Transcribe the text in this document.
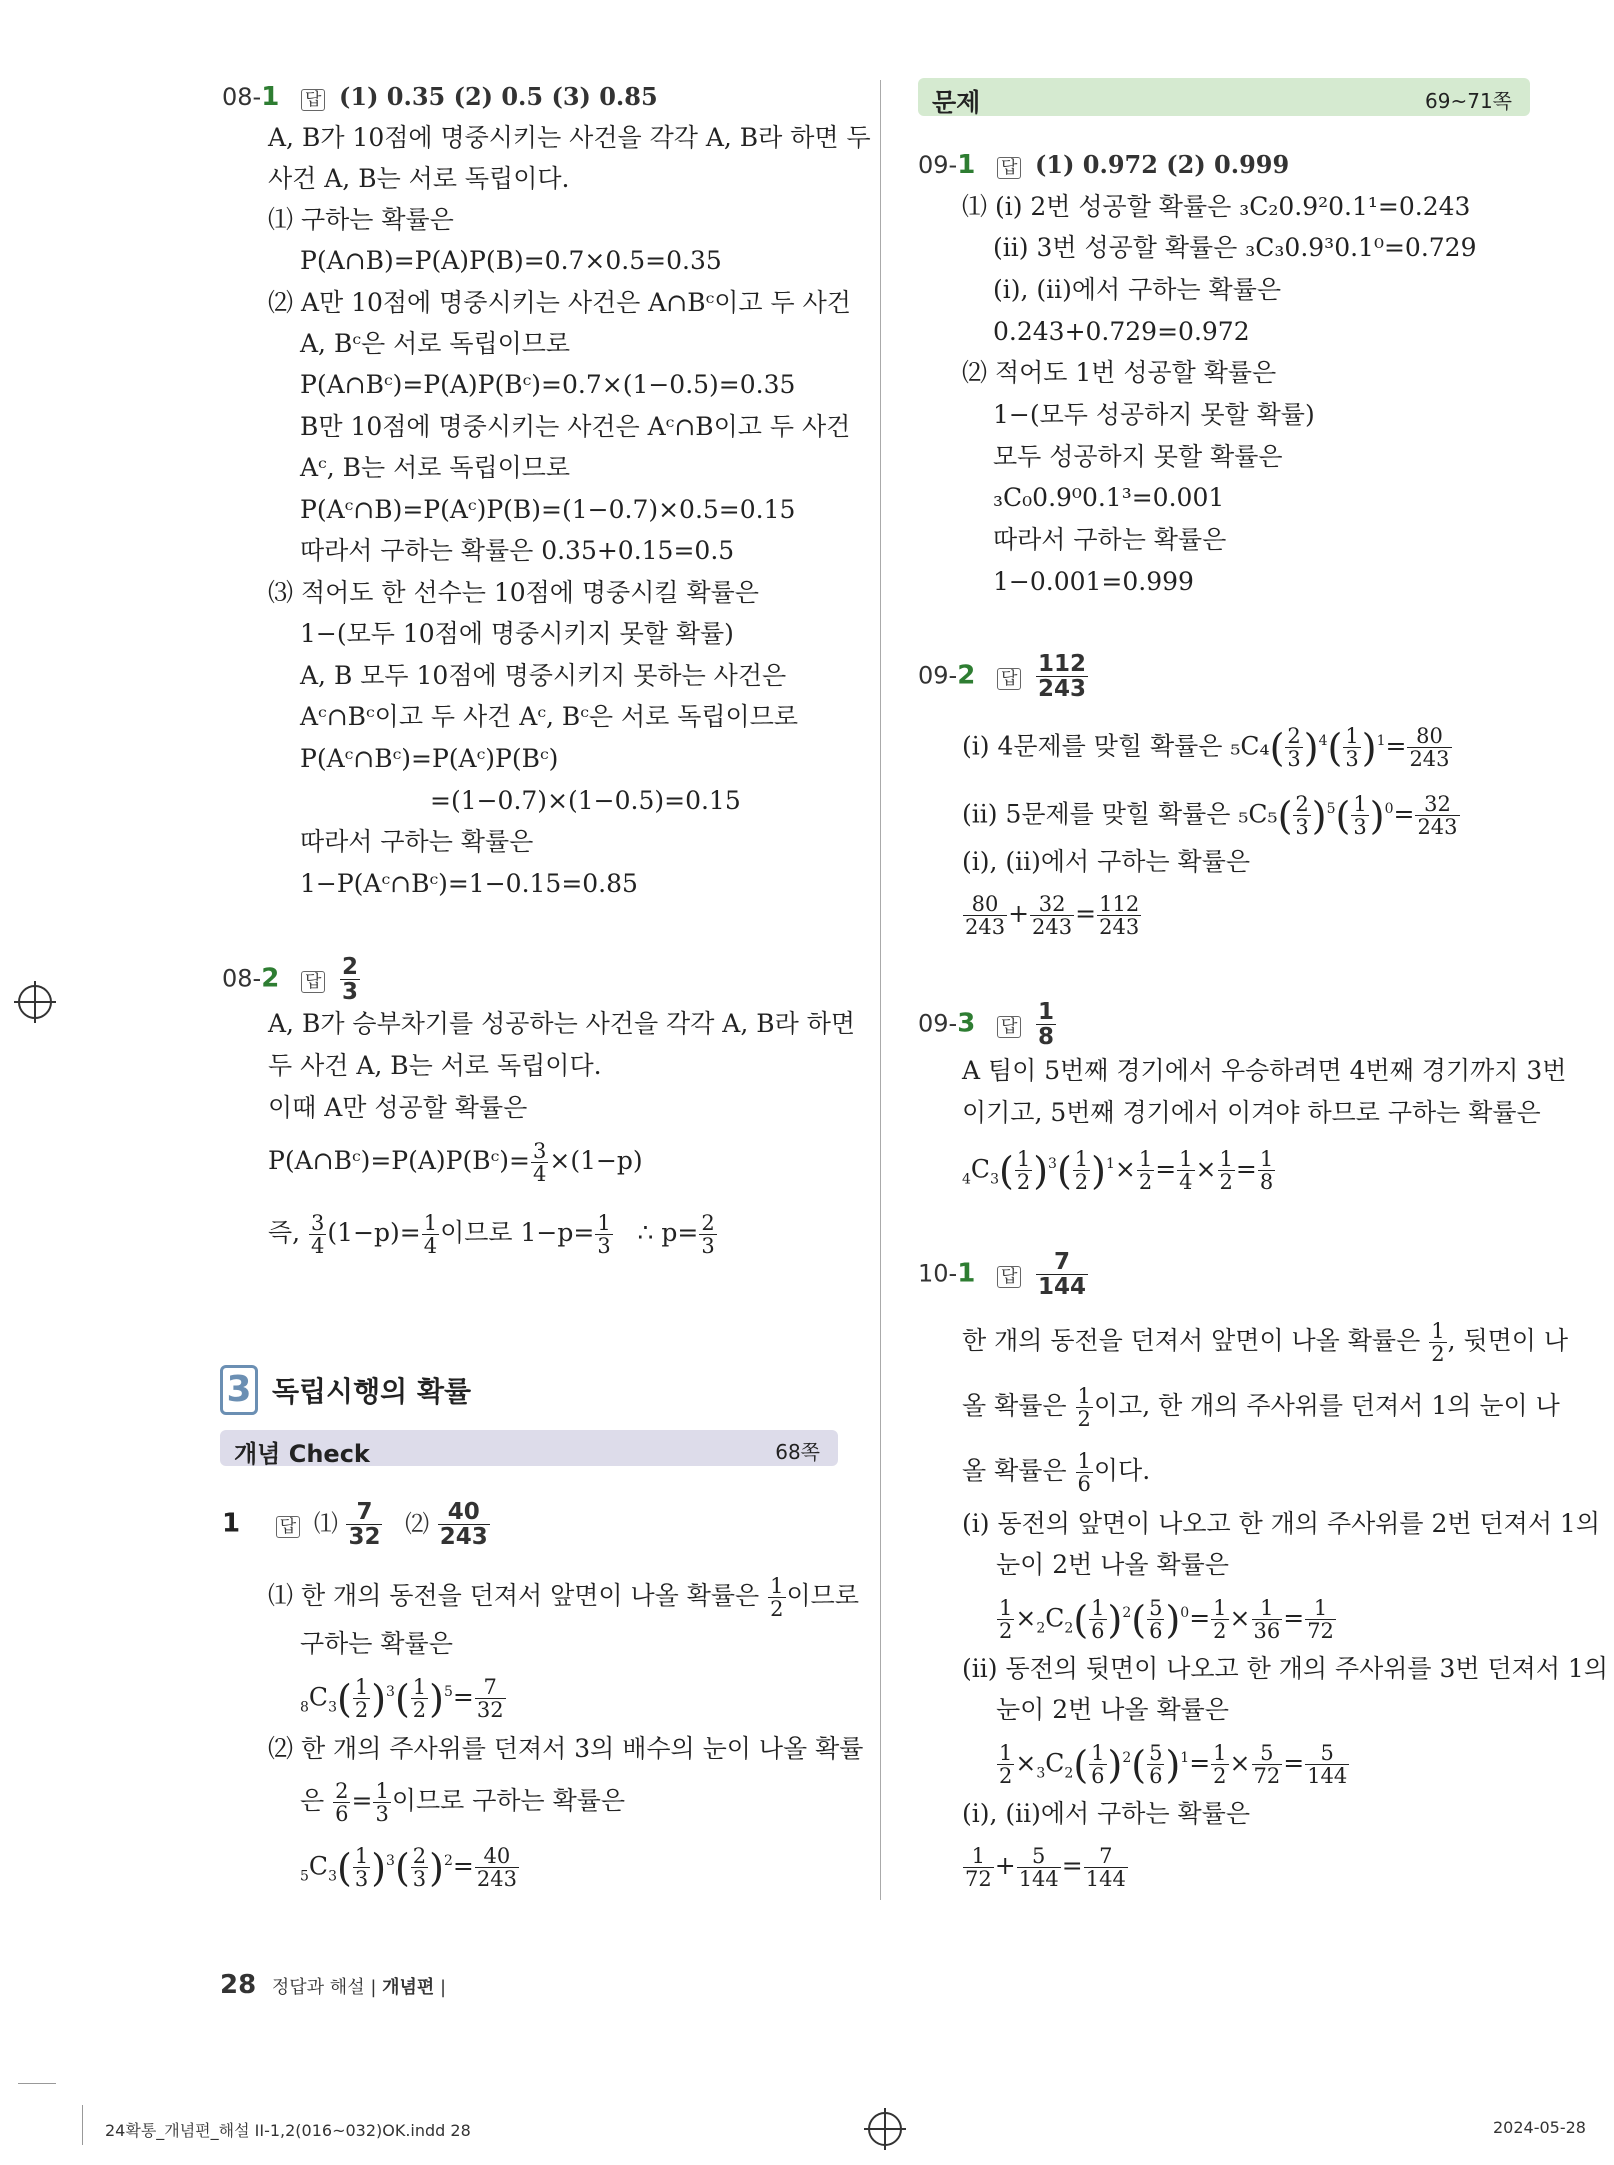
08-1 답 (1) 0.35 (2) 0.5 (3) 0.85
A, B가 10점에 명중시키는 사건을 각각 A, B라 하면 두
사건 A, B는 서로 독립이다.
⑴ 구하는 확률은
P(A∩B)=P(A)P(B)=0.7×0.5=0.35
⑵ A만 10점에 명중시키는 사건은 A∩Bᶜ이고 두 사건
A, Bᶜ은 서로 독립이므로
P(A∩Bᶜ)=P(A)P(Bᶜ)=0.7×(1−0.5)=0.35
B만 10점에 명중시키는 사건은 Aᶜ∩B이고 두 사건
Aᶜ, B는 서로 독립이므로
P(Aᶜ∩B)=P(Aᶜ)P(B)=(1−0.7)×0.5=0.15
따라서 구하는 확률은 0.35+0.15=0.5
⑶ 적어도 한 선수는 10점에 명중시킬 확률은
1−(모두 10점에 명중시키지 못할 확률)
A, B 모두 10점에 명중시키지 못하는 사건은
Aᶜ∩Bᶜ이고 두 사건 Aᶜ, Bᶜ은 서로 독립이므로
P(Aᶜ∩Bᶜ)=P(Aᶜ)P(Bᶜ)
=(1−0.7)×(1−0.5)=0.15
따라서 구하는 확률은
1−P(Aᶜ∩Bᶜ)=1−0.15=0.85
08-2 답 $\frac{2}{3}$
A, B가 승부차기를 성공하는 사건을 각각 A, B라 하면
두 사건 A, B는 서로 독립이다.
이때 A만 성공할 확률은
P(A∩Bᶜ)=P(A)P(Bᶜ)= $\frac{3}{4} \times(1-p)$
즉, $\frac{3}{4} (1-p)= \frac{1}{4}$ 이므로 $1-p= \frac{1}{3}$ ∴ $p= \frac{2}{3}$
3 독립시행의 확률
개념 Check	68쪽
1 답 ⑴ $\frac{7}{32}$ ⑵ $\frac{40}{243}$
⑴ 한 개의 동전을 던져서 앞면이 나올 확률은 $\frac{1}{2}$ 이므로
구하는 확률은
$_8C_3( \frac{1}{2} )^3( \frac{1}{2} )^5= \frac{7}{32}$
⑵ 한 개의 주사위를 던져서 3의 배수의 눈이 나올 확률
은 $\frac{2}{6} = \frac{1}{3}$ 이므로 구하는 확률은
$_5C_3( \frac{1}{3} )^3( \frac{2}{3} )^2= \frac{40}{243}$
문제	69~71쪽
09-1 답 (1) 0.972 (2) 0.999
⑴ (ⅰ) 2번 성공할 확률은 ₃C₂0.9²0.1¹=0.243
(ⅱ) 3번 성공할 확률은 ₃C₃0.9³0.1⁰=0.729
(ⅰ), (ⅱ)에서 구하는 확률은
0.243+0.729=0.972
⑵ 적어도 1번 성공할 확률은
1−(모두 성공하지 못할 확률)
모두 성공하지 못할 확률은
₃C₀0.9⁰0.1³=0.001
따라서 구하는 확률은
1−0.001=0.999
09-2 답 $\frac{112}{243}$
(ⅰ) 4문제를 맞힐 확률은 $_5C_4( \frac{2}{3} )^4( \frac{1}{3} )^1= \frac{80}{243}$
(ⅱ) 5문제를 맞힐 확률은 $_5C_5( \frac{2}{3} )^5( \frac{1}{3} )^0= \frac{32}{243}$
(ⅰ), (ⅱ)에서 구하는 확률은
$\frac{80}{243} + \frac{32}{243} = \frac{112}{243}$
09-3 답 $\frac{1}{8}$
A 팀이 5번째 경기에서 우승하려면 4번째 경기까지 3번
이기고, 5번째 경기에서 이겨야 하므로 구하는 확률은
$_4C_3( \frac{1}{2} )^3( \frac{1}{2} )^1\times \frac{1}{2} = \frac{1}{4} \times \frac{1}{2} = \frac{1}{8}$
10-1 답 $\frac{7}{144}$
한 개의 동전을 던져서 앞면이 나올 확률은 $\frac{1}{2}$ , 뒷면이 나
올 확률은 $\frac{1}{2}$ 이고, 한 개의 주사위를 던져서 1의 눈이 나
올 확률은 $\frac{1}{6}$ 이다.
(ⅰ) 동전의 앞면이 나오고 한 개의 주사위를 2번 던져서 1의
눈이 2번 나올 확률은
$\frac{1}{2} \times_2C_2( \frac{1}{6} )^2( \frac{5}{6} )^0= \frac{1}{2} \times \frac{1}{36} = \frac{1}{72}$
(ⅱ) 동전의 뒷면이 나오고 한 개의 주사위를 3번 던져서 1의
눈이 2번 나올 확률은
$\frac{1}{2} \times_3C_2( \frac{1}{6} )^2( \frac{5}{6} )^1= \frac{1}{2} \times \frac{5}{72} = \frac{5}{144}$
(ⅰ), (ⅱ)에서 구하는 확률은
$\frac{1}{72} + \frac{5}{144} = \frac{7}{144}$
28 정답과 해설 | 개념편 |
24확통_개념편_해설 II-1,2(016~032)OK.indd 28	2024-05-28
